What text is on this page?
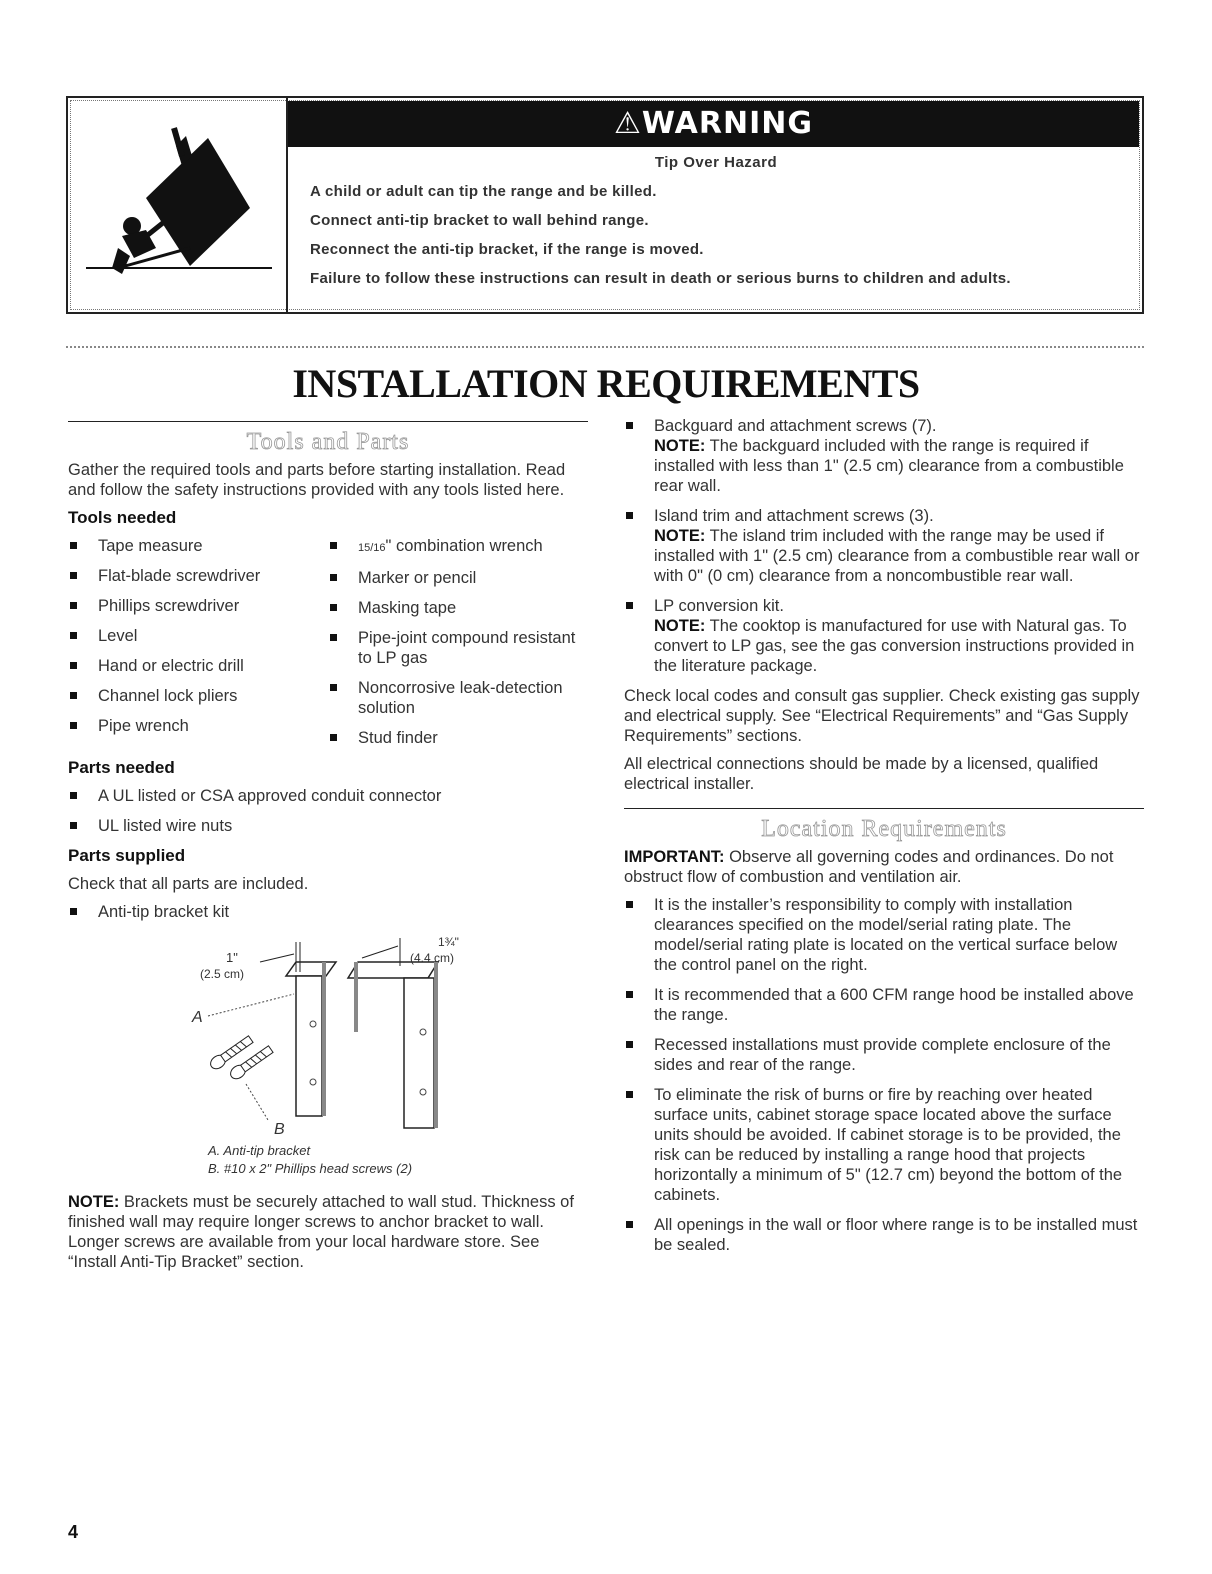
⚠WARNING
Tip Over Hazard
A child or adult can tip the range and be killed.
Connect anti-tip bracket to wall behind range.
Reconnect the anti-tip bracket, if the range is moved.
Failure to follow these instructions can result in death or serious burns to children and adults.
INSTALLATION REQUIREMENTS
Tools and Parts

Gather the required tools and parts before starting installation. Read and follow the safety instructions provided with any tools listed here.

Tools needed
Tape measure
Flat-blade screwdriver
Phillips screwdriver
Level
Hand or electric drill
Channel lock pliers
Pipe wrench
15/16" combination wrench
Marker or pencil
Masking tape
Pipe-joint compound resistant to LP gas
Noncorrosive leak-detection solution
Stud finder
Parts needed
A UL listed or CSA approved conduit connector
UL listed wire nuts
Parts supplied

Check that all parts are included.

Anti-tip bracket kit
1"
(2.5 cm)
1¾"
(4.4 cm)
A
B
A. Anti-tip bracket
B. #10 x 2" Phillips head screws (2)

NOTE: Brackets must be securely attached to wall stud. Thickness of finished wall may require longer screws to anchor bracket to wall. Longer screws are available from your local hardware store. See “Install Anti-Tip Bracket” section.

Backguard and attachment screws (7).
NOTE: The backguard included with the range is required if installed with less than 1" (2.5 cm) clearance from a combustible rear wall.
Island trim and attachment screws (3).
NOTE: The island trim included with the range may be used if installed with 1" (2.5 cm) clearance from a combustible rear wall or with 0" (0 cm) clearance from a noncombustible rear wall.
LP conversion kit.
NOTE: The cooktop is manufactured for use with Natural gas. To convert to LP gas, see the gas conversion instructions provided in the literature package.

Check local codes and consult gas supplier. Check existing gas supply and electrical supply. See “Electrical Requirements” and “Gas Supply Requirements” sections.

All electrical connections should be made by a licensed, qualified electrical installer.

Location Requirements

IMPORTANT: Observe all governing codes and ordinances. Do not obstruct flow of combustion and ventilation air.

It is the installer’s responsibility to comply with installation clearances specified on the model/serial rating plate. The model/serial rating plate is located on the vertical surface below the control panel on the right.
It is recommended that a 600 CFM range hood be installed above the range.
Recessed installations must provide complete enclosure of the sides and rear of the range.
To eliminate the risk of burns or fire by reaching over heated surface units, cabinet storage space located above the surface units should be avoided. If cabinet storage is to be provided, the risk can be reduced by installing a range hood that projects horizontally a minimum of 5" (12.7 cm) beyond the bottom of the cabinets.
All openings in the wall or floor where range is to be installed must be sealed.
4
